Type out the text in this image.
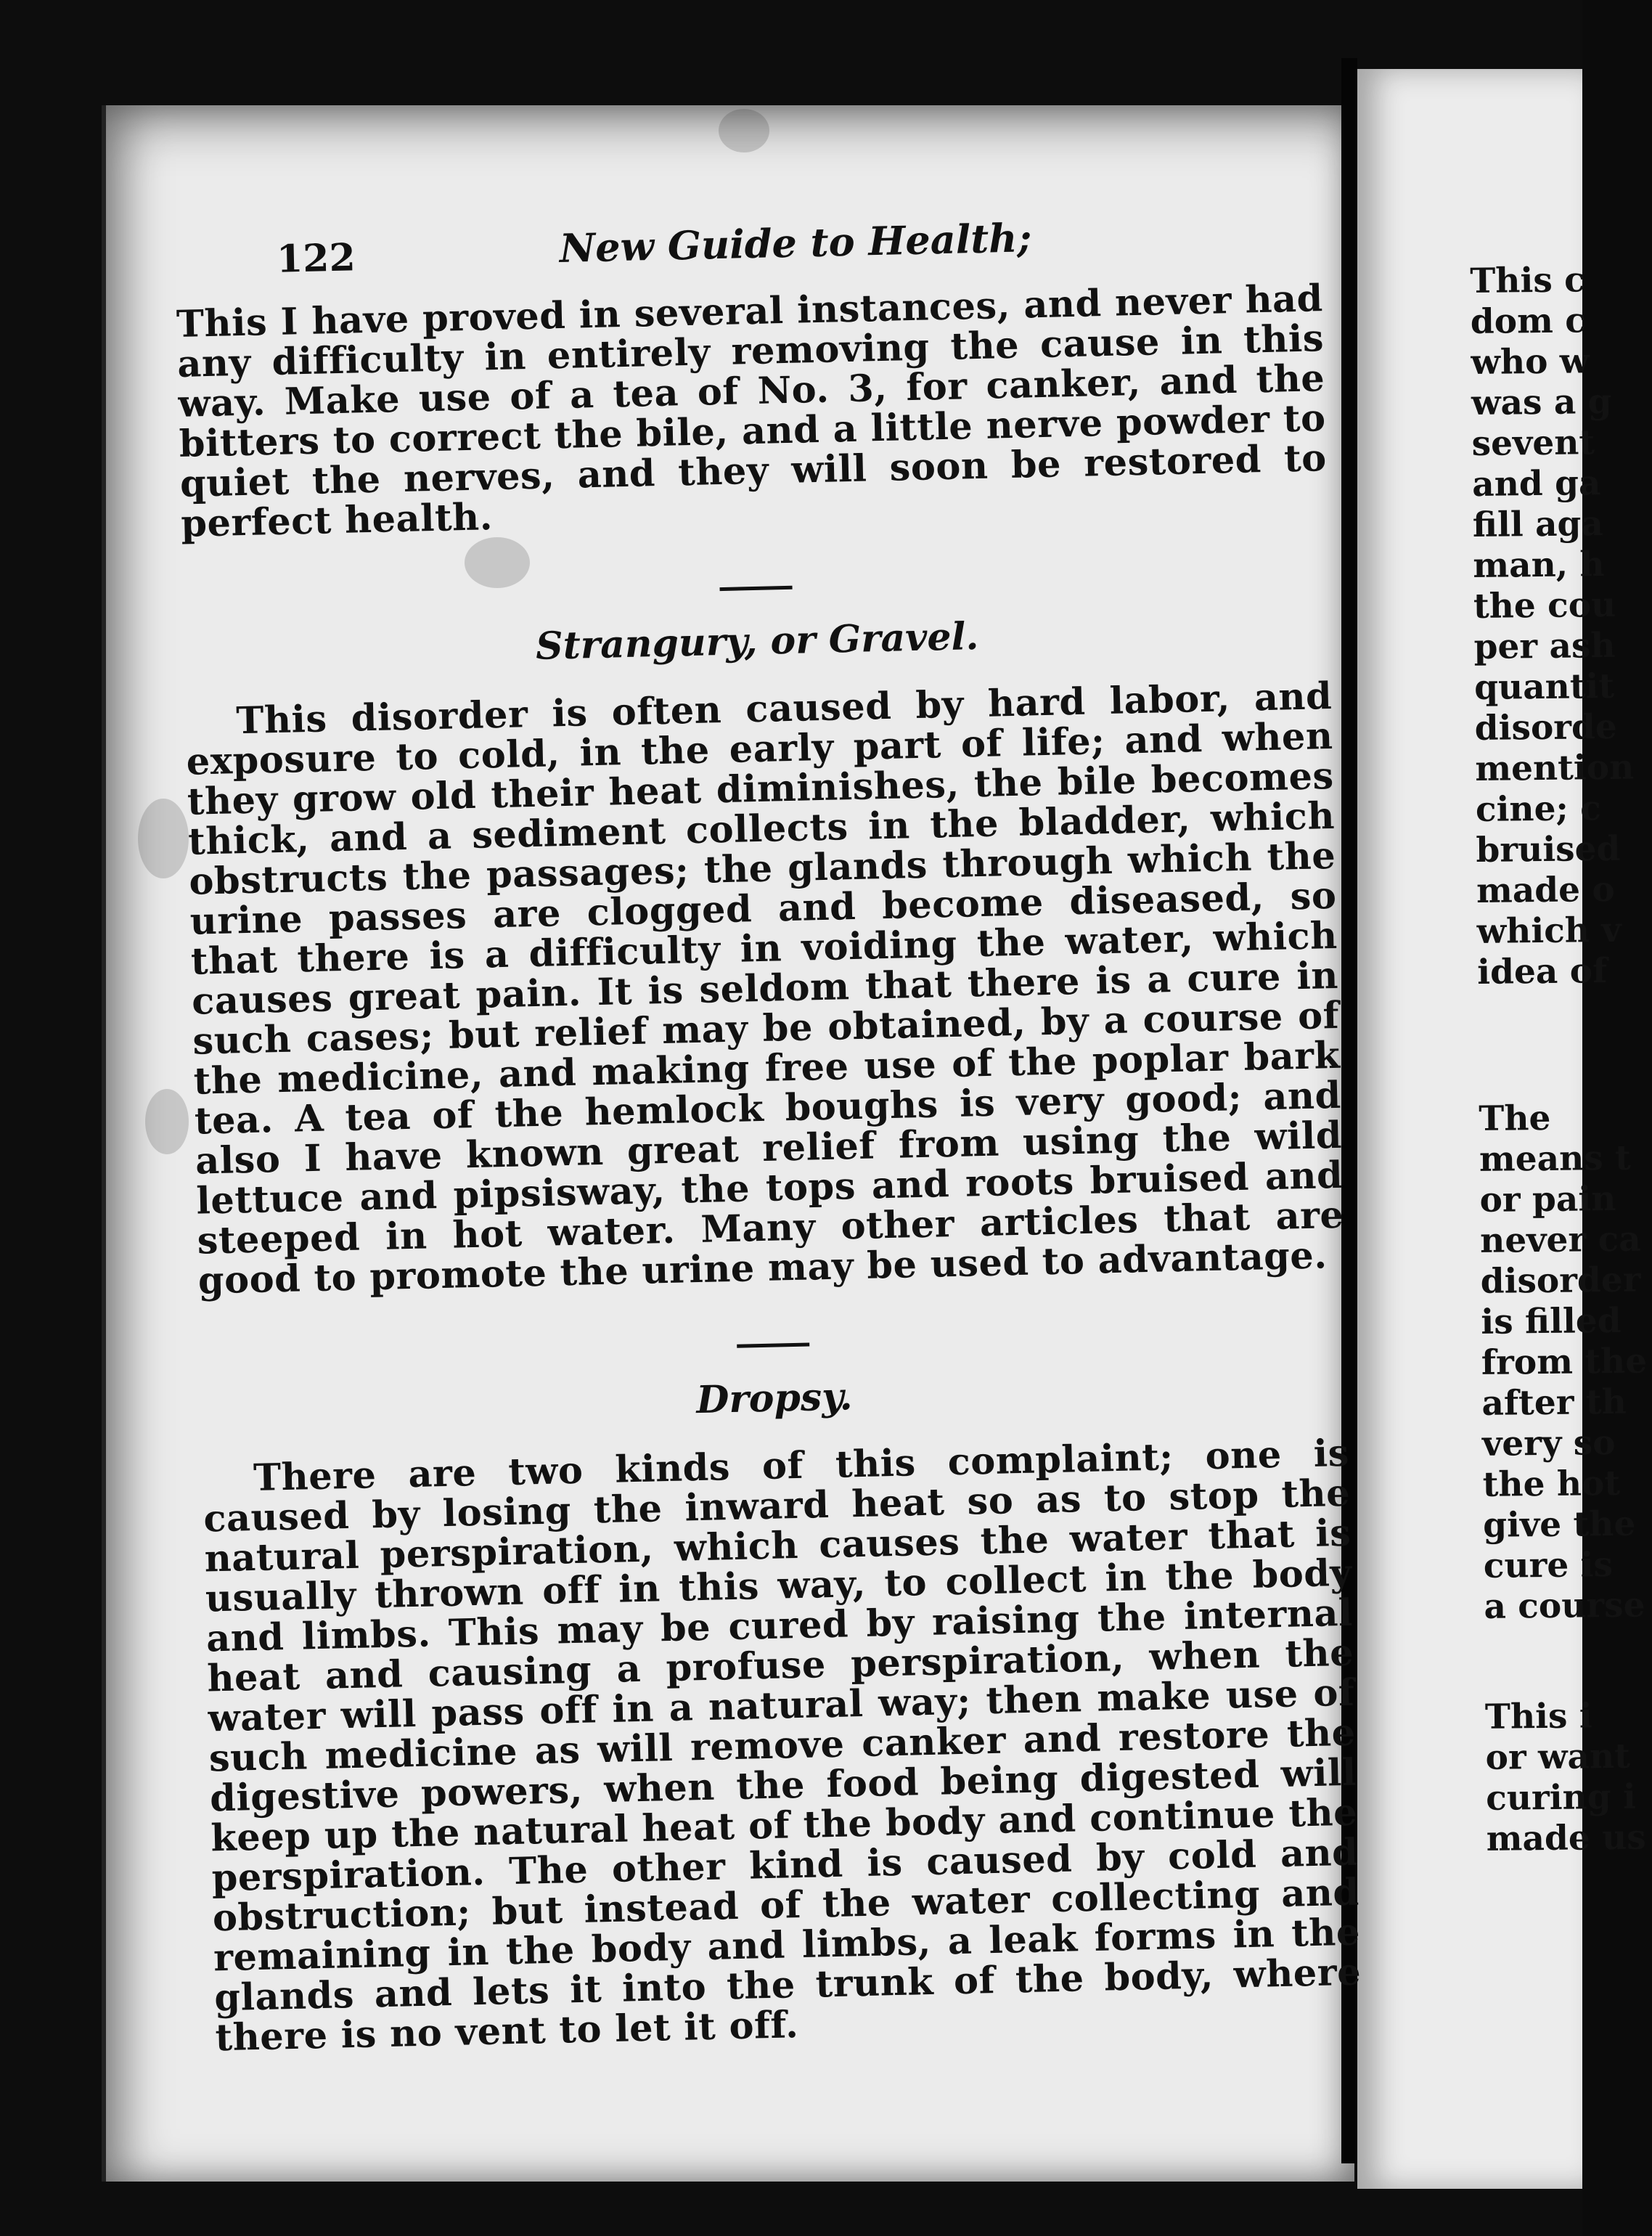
122	New Guide to Health;

This I have proved in several instances, and never had any difficulty in entirely removing the cause in this way. Make use of a tea of No. 3, for canker, and the bitters to correct the bile, and a little nerve powder to quiet the nerves, and they will soon be restored to perfect health.

Strangury, or Gravel.

This disorder is often caused by hard labor, and exposure to cold, in the early part of life; and when they grow old their heat diminishes, the bile becomes thick, and a sediment collects in the bladder, which obstructs the passages; the glands through which the urine passes are clogged and become diseased, so that there is a difficulty in voiding the water, which causes great pain. It is seldom that there is a cure in such cases; but relief may be obtained, by a course of the medicine, and making free use of the poplar bark tea. A tea of the hemlock boughs is very good; and also I have known great relief from using the wild lettuce and pipsisway, the tops and roots bruised and steeped in hot water. Many other articles that are good to promote the urine may be used to advantage.

Dropsy.

There are two kinds of this complaint; one is caused by losing the inward heat so as to stop the natural perspiration, which causes the water that is usually thrown off in this way, to collect in the body and limbs. This may be cured by raising the internal heat and causing a profuse perspiration, when the water will pass off in a natural way; then make use of such medicine as will remove canker and restore the digestive powers, when the food being digested will keep up the natural heat of the body and continue the perspiration. The other kind is caused by cold and obstruction; but instead of the water collecting and remaining in the body and limbs, a leak forms in the glands and lets it into the trunk of the body, where there is no vent to let it off.

This c
dom c
who w
was a g
sevent
and ga
fill aga
man, h
the cou
per ash
quantit
disorde
mention
cine; c
bruised
made o
which v
idea of
The
means t
or pain
never ca
disorder
is filled
from the
after th
very so
the hot
give the
cure is
a course
This i
or want
curing i
made us
